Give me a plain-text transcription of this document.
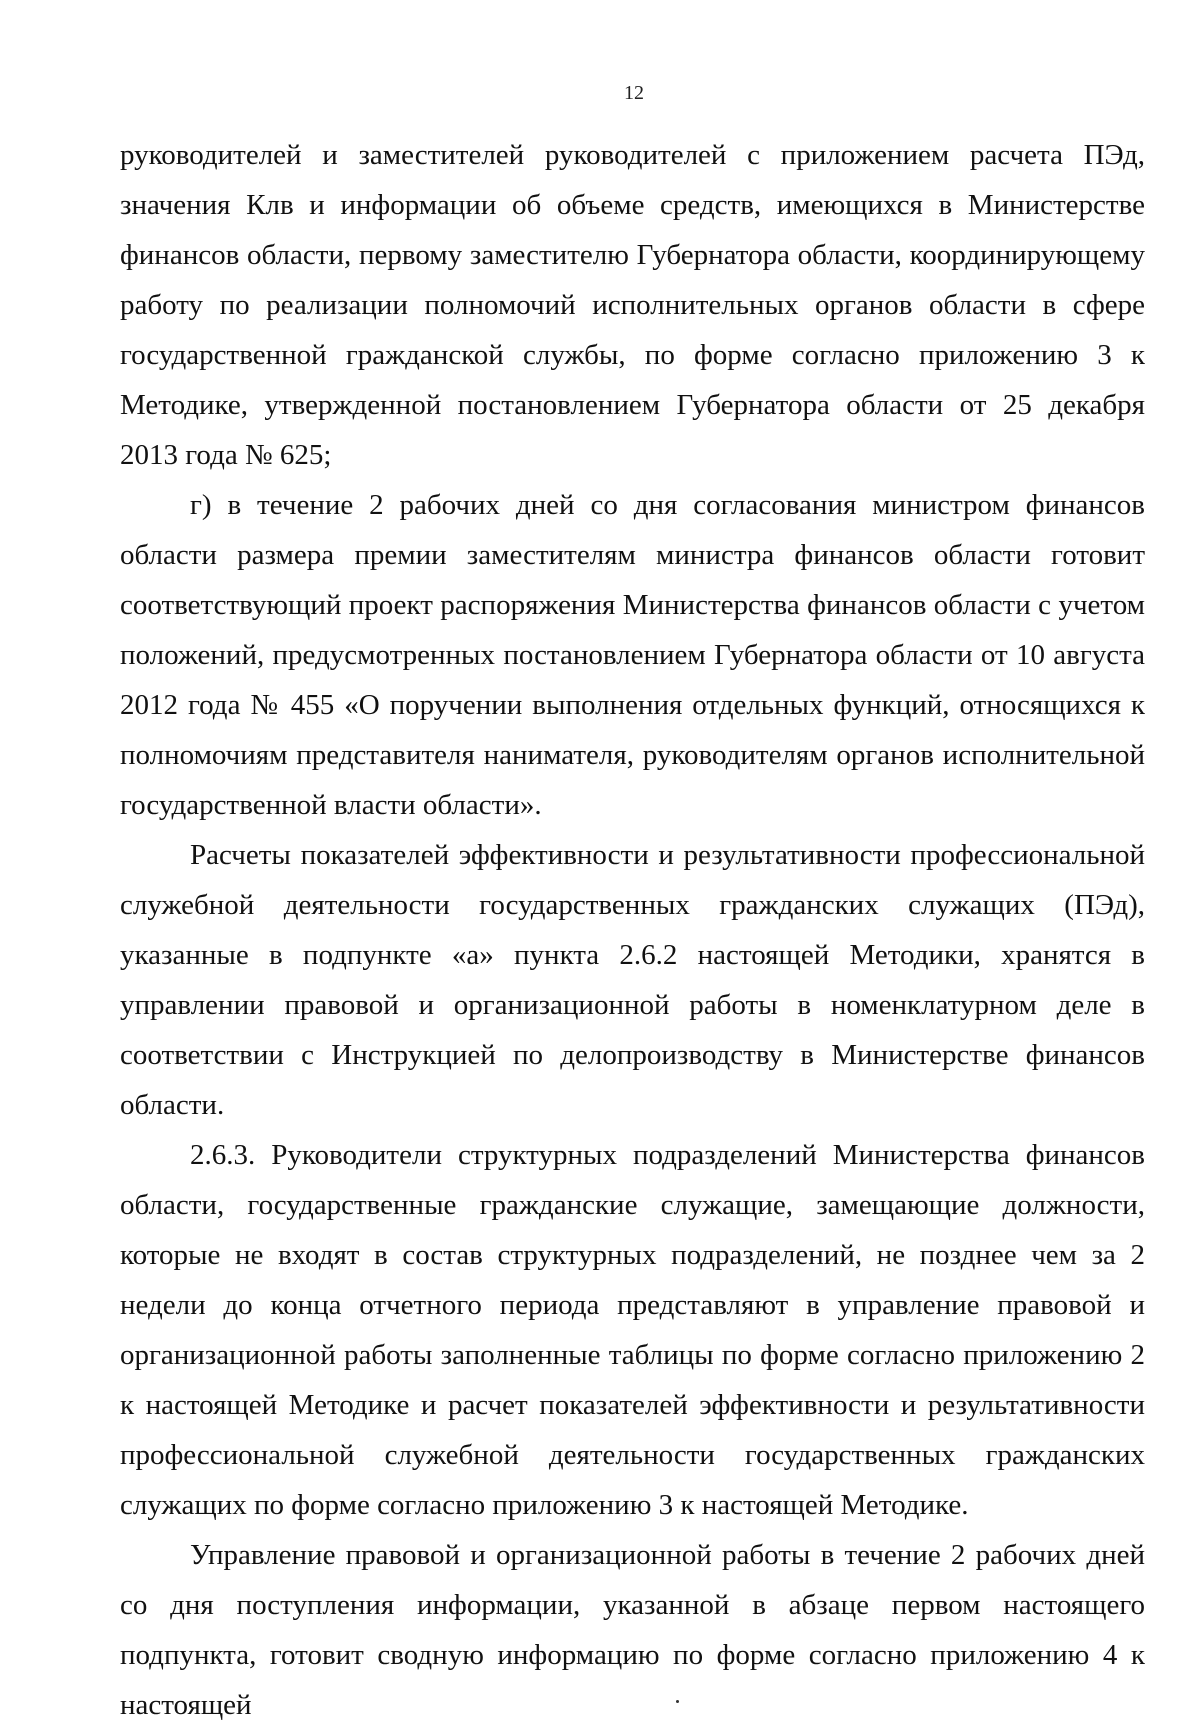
12

руководителей и заместителей руководителей с приложением расчета ПЭд, значения Клв и информации об объеме средств, имеющихся в Министерстве финансов области, первому заместителю Губернатора области, координирующему работу по реализации полномочий исполнительных органов области в сфере государственной гражданской службы, по форме согласно приложению 3 к Методике, утвержденной постановлением Губернатора области от 25 декабря 2013 года № 625;

г) в течение 2 рабочих дней со дня согласования министром финансов области размера премии заместителям министра финансов области готовит соответствующий проект распоряжения Министерства финансов области с учетом положений, предусмотренных постановлением Губернатора области от 10 августа 2012 года № 455 «О поручении выполнения отдельных функций, относящихся к полномочиям представителя нанимателя, руководителям органов исполнительной государственной власти области».

Расчеты показателей эффективности и результативности профессиональной служебной деятельности государственных гражданских служащих (ПЭд), указанные в подпункте «а» пункта 2.6.2 настоящей Методики, хранятся в управлении правовой и организационной работы в номенклатурном деле в соответствии с Инструкцией по делопроизводству в Министерстве финансов области.

2.6.3. Руководители структурных подразделений Министерства финансов области, государственные гражданские служащие, замещающие должности, которые не входят в состав структурных подразделений, не позднее чем за 2 недели до конца отчетного периода представляют в управление правовой и организационной работы заполненные таблицы по форме согласно приложению 2 к настоящей Методике и расчет показателей эффективности и результативности профессиональной служебной деятельности государственных гражданских служащих по форме согласно приложению 3 к настоящей Методике.

Управление правовой и организационной работы в течение 2 рабочих дней со дня поступления информации, указанной в абзаце первом настоящего подпункта, готовит сводную информацию по форме согласно приложению 4 к настоящей
